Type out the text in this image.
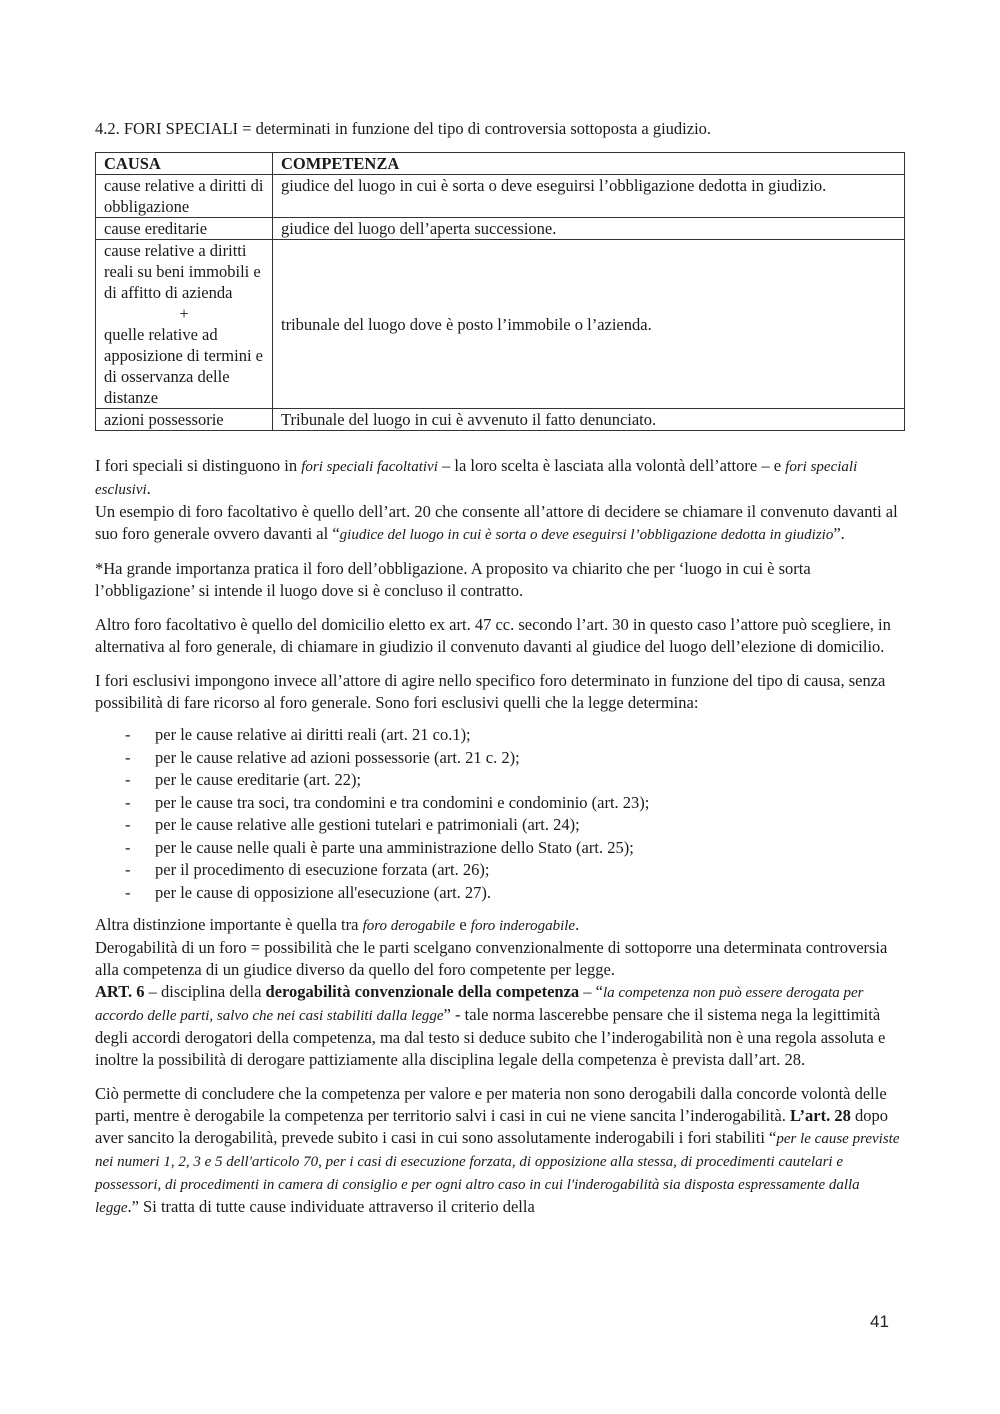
4.2. FORI SPECIALI = determinati in funzione del tipo di controversia sottoposta a giudizio.

CAUSA	COMPETENZA
cause relative a diritti di obbligazione	giudice del luogo in cui è sorta o deve eseguirsi l’obbligazione dedotta in giudizio.
cause ereditarie	giudice del luogo dell’aperta successione.
cause relative a diritti reali su beni immobili e di affitto di azienda
+
quelle relative ad apposizione di termini e di osservanza delle distanze	tribunale del luogo dove è posto l’immobile o l’azienda.
azioni possessorie	Tribunale del luogo in cui è avvenuto il fatto denunciato.

I fori speciali si distinguono in fori speciali facoltativi – la loro scelta è lasciata alla volontà dell’attore – e fori speciali esclusivi.

Un esempio di foro facoltativo è quello dell’art. 20 che consente all’attore di decidere se chiamare il convenuto davanti al suo foro generale ovvero davanti al “giudice del luogo in cui è sorta o deve eseguirsi l’obbligazione dedotta in giudizio”.

*Ha grande importanza pratica il foro dell’obbligazione. A proposito va chiarito che per ‘luogo in cui è sorta l’obbligazione’ si intende il luogo dove si è concluso il contratto.

Altro foro facoltativo è quello del domicilio eletto ex art. 47 cc. secondo l’art. 30 in questo caso l’attore può scegliere, in alternativa al foro generale, di chiamare in giudizio il convenuto davanti al giudice del luogo dell’elezione di domicilio.

I fori esclusivi impongono invece all’attore di agire nello specifico foro determinato in funzione del tipo di causa, senza possibilità di fare ricorso al foro generale. Sono fori esclusivi quelli che la legge determina:

- per le cause relative ai diritti reali (art. 21 co.1);
- per le cause relative ad azioni possessorie (art. 21 c. 2);
- per le cause ereditarie (art. 22);
- per le cause tra soci, tra condomini e tra condomini e condominio (art. 23);
- per le cause relative alle gestioni tutelari e patrimoniali (art. 24);
- per le cause nelle quali è parte una amministrazione dello Stato (art. 25);
- per il procedimento di esecuzione forzata (art. 26);
- per le cause di opposizione all'esecuzione (art. 27).

Altra distinzione importante è quella tra foro derogabile e foro inderogabile.

Derogabilità di un foro = possibilità che le parti scelgano convenzionalmente di sottoporre una determinata controversia alla competenza di un giudice diverso da quello del foro competente per legge.

ART. 6 – disciplina della derogabilità convenzionale della competenza – “la competenza non può essere derogata per accordo delle parti, salvo che nei casi stabiliti dalla legge” - tale norma lascerebbe pensare che il sistema nega la legittimità degli accordi derogatori della competenza, ma dal testo si deduce subito che l’inderogabilità non è una regola assoluta e inoltre la possibilità di derogare pattiziamente alla disciplina legale della competenza è prevista dall’art. 28.

Ciò permette di concludere che la competenza per valore e per materia non sono derogabili dalla concorde volontà delle parti, mentre è derogabile la competenza per territorio salvi i casi in cui ne viene sancita l’inderogabilità. L’art. 28 dopo aver sancito la derogabilità, prevede subito i casi in cui sono assolutamente inderogabili i fori stabiliti “per le cause previste nei numeri 1, 2, 3 e 5 dell'articolo 70, per i casi di esecuzione forzata, di opposizione alla stessa, di procedimenti cautelari e possessori, di procedimenti in camera di consiglio e per ogni altro caso in cui l'inderogabilità sia disposta espressamente dalla legge.” Si tratta di tutte cause individuate attraverso il criterio della

41
